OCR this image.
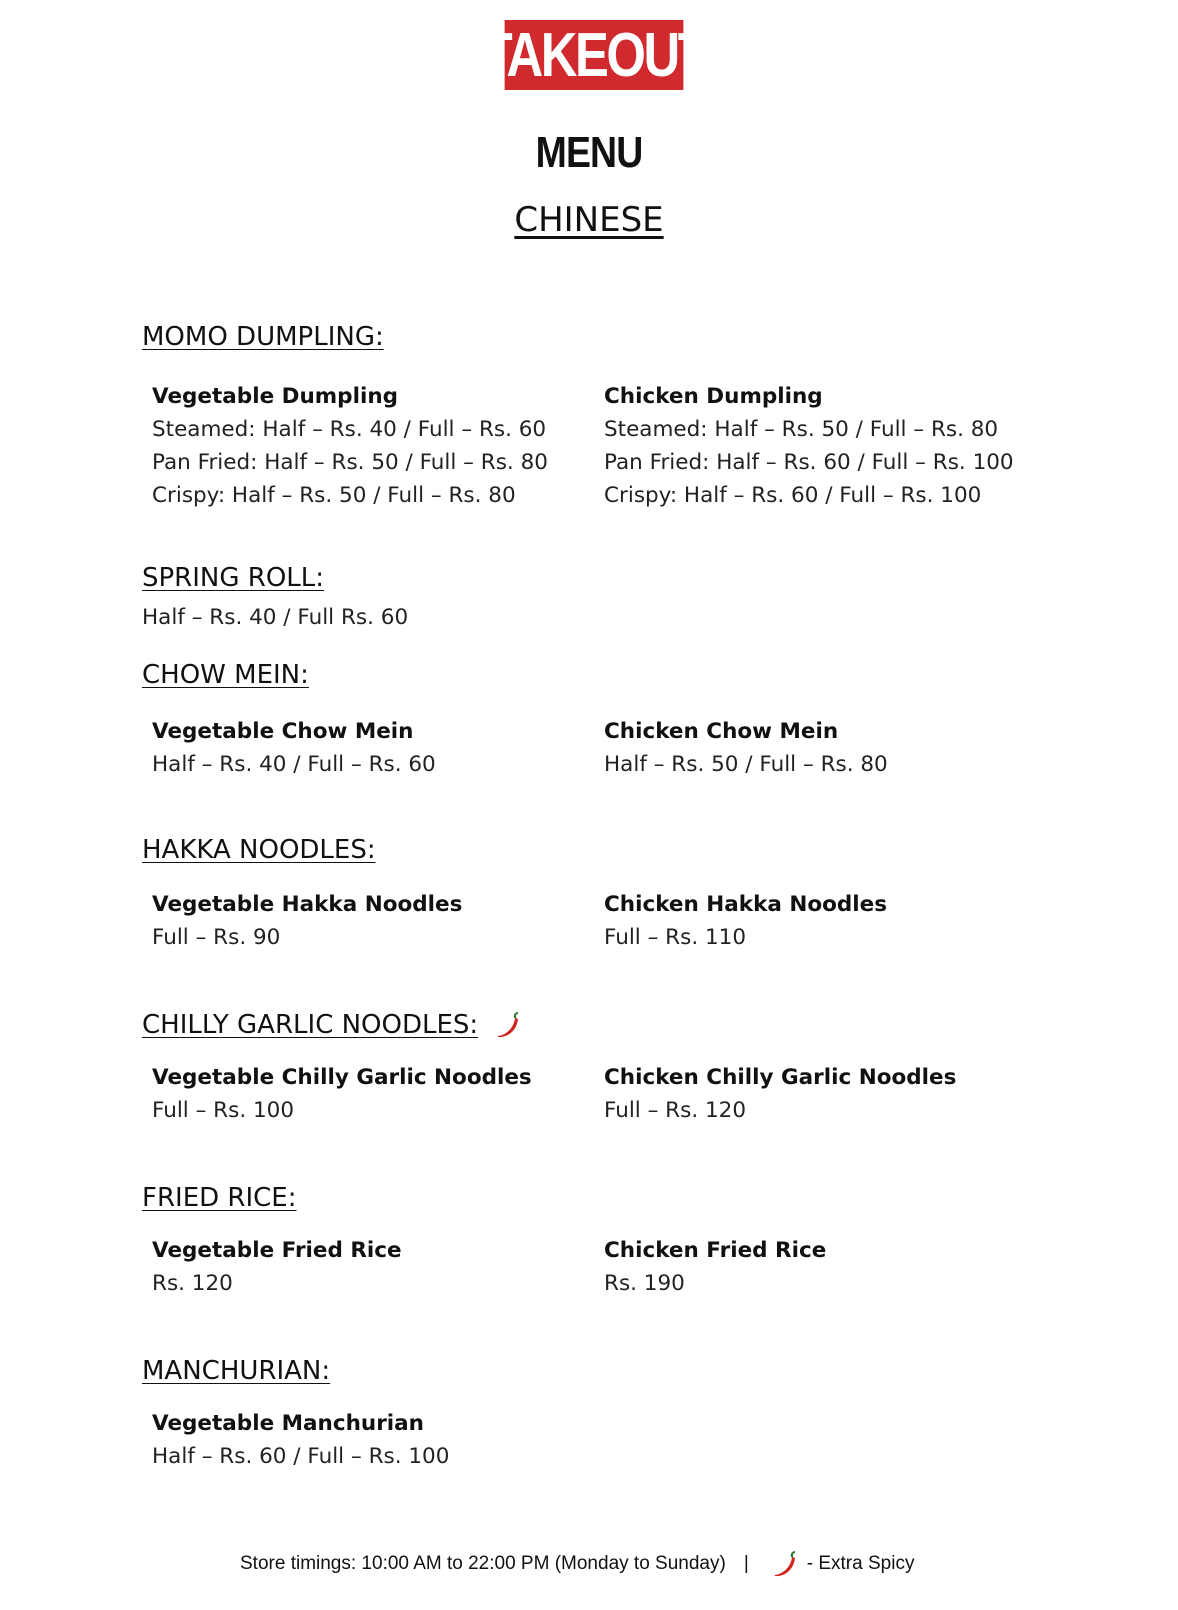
TAKEOUT
MENU
CHINESE
MOMO DUMPLING:
Vegetable Dumpling
Steamed: Half – Rs. 40 / Full – Rs. 60
Pan Fried: Half – Rs. 50 / Full – Rs. 80
Crispy: Half – Rs. 50 / Full – Rs. 80
Chicken Dumpling
Steamed: Half – Rs. 50 / Full – Rs. 80
Pan Fried: Half – Rs. 60 / Full – Rs. 100
Crispy: Half – Rs. 60 / Full – Rs. 100
SPRING ROLL:
Half – Rs. 40 / Full Rs. 60
CHOW MEIN:
Vegetable Chow Mein
Half – Rs. 40 / Full – Rs. 60
Chicken Chow Mein
Half – Rs. 50 / Full – Rs. 80
HAKKA NOODLES:
Vegetable Hakka Noodles
Full – Rs. 90
Chicken Hakka Noodles
Full – Rs. 110
CHILLY GARLIC NOODLES:
Vegetable Chilly Garlic Noodles
Full – Rs. 100
Chicken Chilly Garlic Noodles
Full – Rs. 120
FRIED RICE:
Vegetable Fried Rice
Rs. 120
Chicken Fried Rice
Rs. 190
MANCHURIAN:
Vegetable Manchurian
Half – Rs. 60 / Full – Rs. 100
Store timings: 10:00 AM to 22:00 PM (Monday to Sunday) |	- Extra Spicy
